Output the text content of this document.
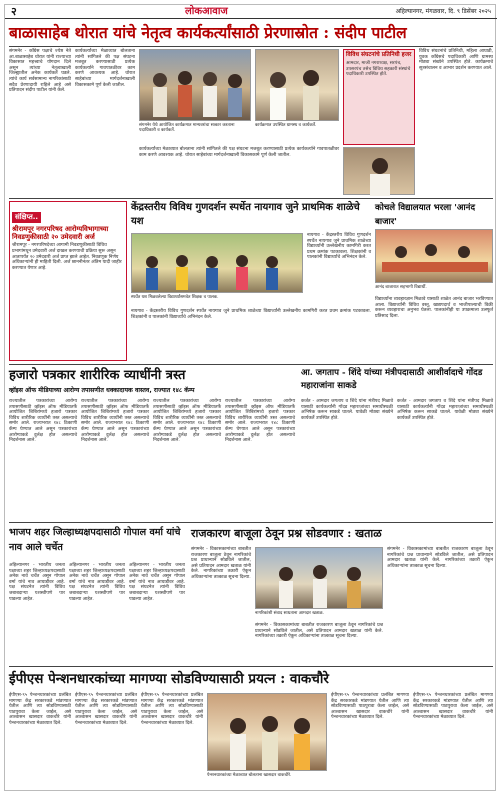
२	लोकआवाज	अहिल्यानगर, मंगळवार, दि. ९ डिसेंबर २०२५
बाळासाहेब थोरात यांचे नेतृत्व कार्यकर्त्यांसाठी प्रेरणास्रोत : संदीप पाटील
संगमनेर - काँग्रेस पक्षाचे ज्येष्ठ नेते आ.बाळासाहेब थोरात यांनी राज्याच्या विकासात महत्त्वाचे योगदान दिले असून त्यांच्या नेतृत्वाखाली जिल्ह्यातील अनेक कार्यकर्ते घडले. त्यांचे कार्य सर्वसामान्य नागरिकांसाठी सदैव प्रेरणादायी राहिले आहे असे प्रतिपादन संदीप पाटील यांनी केले.
कार्यकर्त्यांच्या मेळाव्यात बोलताना त्यांनी सांगितले की पक्ष संघटना मजबूत करण्यासाठी प्रत्येक कार्यकर्त्याने गावपातळीवर काम करणे आवश्यक आहे. थोरात साहेबांच्या मार्गदर्शनाखाली विकासकामे पूर्ण केली जातील.
संगमनेर येथे आयोजित कार्यक्रमात मान्यवरांचा सत्कार करताना पदाधिकारी व कार्यकर्ते.
कार्यक्रमात उपस्थित ग्रामस्थ व कार्यकर्ते.
विविध संघटनांचे प्रतिनिधी हजर
आमदार, माजी नगराध्यक्ष, सरपंच, उपसरपंच तसेच विविध सहकारी संस्थांचे पदाधिकारी उपस्थित होते.
विविध संघटनांचे प्रतिनिधी, महिला आघाडी, युवक काँग्रेसचे पदाधिकारी आणि ग्रामस्थ मोठ्या संख्येने उपस्थित होते. कार्यक्रमाचे सूत्रसंचालन व आभार प्रदर्शन करण्यात आले.
कार्यकर्त्यांच्या मेळाव्यात बोलताना त्यांनी सांगितले की पक्ष संघटना मजबूत करण्यासाठी प्रत्येक कार्यकर्त्याने गावपातळीवर काम करणे आवश्यक आहे. थोरात साहेबांच्या मार्गदर्शनाखाली विकासकामे पूर्ण केली जातील.
संक्षिप्त..
श्रीरामपूर नगरपरिषद आरोग्यविभागाच्या निवडणुकीसाठी २० उमेदवारी अर्ज
श्रीरामपूर - नगरपरिषदेच्या आगामी निवडणुकीसाठी विविध प्रभागांमधून उमेदवारी अर्ज दाखल करण्याची प्रक्रिया सुरू असून आतापर्यंत २० उमेदवारी अर्ज प्राप्त झाले आहेत. निवडणूक निर्णय अधिकाऱ्यांनी ही माहिती दिली. अर्ज छाननीनंतर अंतिम यादी जाहीर करण्यात येणार आहे.
केंद्रस्तरीय विविध गुणदर्शन स्पर्धेत नायगाव जुने प्राथमिक शाळेचे यश
स्पर्धेत यश मिळवलेल्या विद्यार्थ्यांसमवेत शिक्षक व पालक.
नायगाव - केंद्रस्तरीय विविध गुणदर्शन स्पर्धेत नायगाव जुने प्राथमिक शाळेच्या विद्यार्थ्यांनी उल्लेखनीय कामगिरी करत प्रथम क्रमांक पटकावला. शिक्षकांनी व पालकांनी विद्यार्थ्यांचे अभिनंदन केले.
नायगाव - केंद्रस्तरीय विविध गुणदर्शन स्पर्धेत नायगाव जुने प्राथमिक शाळेच्या विद्यार्थ्यांनी उल्लेखनीय कामगिरी करत प्रथम क्रमांक पटकावला. शिक्षकांनी व पालकांनी विद्यार्थ्यांचे अभिनंदन केले.
कोचले विद्यालयात भरला 'आनंद बाजार'
आनंद बाजारात सहभागी विद्यार्थी.
विद्यार्थ्यांना व्यवहारज्ञान मिळावे यासाठी शाळेत आनंद बाजार भरविण्यात आला. विद्यार्थ्यांनी विविध वस्तू, खाद्यपदार्थ व भाजीपाल्याची विक्री करून व्यवहाराचा अनुभव घेतला. पालकांनीही या उपक्रमाला उत्स्फूर्त प्रतिसाद दिला.
हजारो पत्रकार शारीरिक व्याधींनी त्रस्त
व्हॉइस ऑफ मीडियाच्या आरोग्य तपासणीत धक्कादायक वास्तव, राज्यात १४८ कॅम्प
राज्यातील पत्रकारांच्या आरोग्य तपासणीसाठी व्हॉइस ऑफ मीडियातर्फे आयोजित शिबिरांमध्ये हजारो पत्रकार विविध शारीरिक व्याधींनी त्रस्त असल्याचे समोर आले. राज्यभरात १४८ ठिकाणी कॅम्प घेण्यात आले असून पत्रकारांच्या आरोग्याकडे दुर्लक्ष होत असल्याचे निदर्शनास आले.
राज्यातील पत्रकारांच्या आरोग्य तपासणीसाठी व्हॉइस ऑफ मीडियातर्फे आयोजित शिबिरांमध्ये हजारो पत्रकार विविध शारीरिक व्याधींनी त्रस्त असल्याचे समोर आले. राज्यभरात १४८ ठिकाणी कॅम्प घेण्यात आले असून पत्रकारांच्या आरोग्याकडे दुर्लक्ष होत असल्याचे निदर्शनास आले.
राज्यातील पत्रकारांच्या आरोग्य तपासणीसाठी व्हॉइस ऑफ मीडियातर्फे आयोजित शिबिरांमध्ये हजारो पत्रकार विविध शारीरिक व्याधींनी त्रस्त असल्याचे समोर आले. राज्यभरात १४८ ठिकाणी कॅम्प घेण्यात आले असून पत्रकारांच्या आरोग्याकडे दुर्लक्ष होत असल्याचे निदर्शनास आले.
राज्यातील पत्रकारांच्या आरोग्य तपासणीसाठी व्हॉइस ऑफ मीडियातर्फे आयोजित शिबिरांमध्ये हजारो पत्रकार विविध शारीरिक व्याधींनी त्रस्त असल्याचे समोर आले. राज्यभरात १४८ ठिकाणी कॅम्प घेण्यात आले असून पत्रकारांच्या आरोग्याकडे दुर्लक्ष होत असल्याचे निदर्शनास आले.
आ. जगताप - शिंदे यांच्या मंत्रीपदासाठी आशीर्वादाचे गोंदड महाराजांना साकडे
कर्जत - आमदार जगताप व शिंदे यांना मंत्रीपद मिळावे यासाठी कार्यकर्त्यांनी गोंदड महाराजांच्या समाधीस्थळी अभिषेक करून साकडे घातले. यावेळी मोठ्या संख्येने कार्यकर्ते उपस्थित होते.
कर्जत - आमदार जगताप व शिंदे यांना मंत्रीपद मिळावे यासाठी कार्यकर्त्यांनी गोंदड महाराजांच्या समाधीस्थळी अभिषेक करून साकडे घातले. यावेळी मोठ्या संख्येने कार्यकर्ते उपस्थित होते.
भाजप शहर जिल्हाध्यक्षपदासाठी गोपाल वर्मा यांचे नाव आले चर्चेत
अहिल्यानगर - भारतीय जनता पक्षाच्या शहर जिल्हाध्यक्षपदासाठी अनेक नावे चर्चेत असून गोपाल वर्मा यांचे नाव आघाडीवर आहे. पक्ष संघटनेत त्यांनी विविध जबाबदाऱ्या यशस्वीपणे पार पाडल्या आहेत.
अहिल्यानगर - भारतीय जनता पक्षाच्या शहर जिल्हाध्यक्षपदासाठी अनेक नावे चर्चेत असून गोपाल वर्मा यांचे नाव आघाडीवर आहे. पक्ष संघटनेत त्यांनी विविध जबाबदाऱ्या यशस्वीपणे पार पाडल्या आहेत.
अहिल्यानगर - भारतीय जनता पक्षाच्या शहर जिल्हाध्यक्षपदासाठी अनेक नावे चर्चेत असून गोपाल वर्मा यांचे नाव आघाडीवर आहे. पक्ष संघटनेत त्यांनी विविध जबाबदाऱ्या यशस्वीपणे पार पाडल्या आहेत.
राजकारण बाजूला ठेवून प्रश्न सोडवणार : खताळ
संगमनेर - विकासकामांच्या बाबतीत राजकारण बाजूला ठेवून नागरिकांचे प्रश्न प्राधान्याने सोडविले जातील, असे प्रतिपादन आमदार खताळ यांनी केले. नागरिकांच्या तक्रारी ऐकून अधिकाऱ्यांना तात्काळ सूचना दिल्या.
नागरिकांशी संवाद साधताना आमदार खताळ.
संगमनेर - विकासकामांच्या बाबतीत राजकारण बाजूला ठेवून नागरिकांचे प्रश्न प्राधान्याने सोडविले जातील, असे प्रतिपादन आमदार खताळ यांनी केले. नागरिकांच्या तक्रारी ऐकून अधिकाऱ्यांना तात्काळ सूचना दिल्या.
संगमनेर - विकासकामांच्या बाबतीत राजकारण बाजूला ठेवून नागरिकांचे प्रश्न प्राधान्याने सोडविले जातील, असे प्रतिपादन आमदार खताळ यांनी केले. नागरिकांच्या तक्रारी ऐकून अधिकाऱ्यांना तात्काळ सूचना दिल्या.
ईपीएस पेन्शनधारकांच्या मागण्या सोडविण्यासाठी प्रयत्न : वाकचौरे
ईपीएस-९५ पेन्शनधारकांच्या प्रलंबित मागण्या केंद्र सरकारकडे मांडण्यात येतील आणि त्या सोडविण्यासाठी पाठपुरावा केला जाईल, असे आश्वासन खासदार वाकचौरे यांनी पेन्शनधारकांच्या मेळाव्यात दिले.
ईपीएस-९५ पेन्शनधारकांच्या प्रलंबित मागण्या केंद्र सरकारकडे मांडण्यात येतील आणि त्या सोडविण्यासाठी पाठपुरावा केला जाईल, असे आश्वासन खासदार वाकचौरे यांनी पेन्शनधारकांच्या मेळाव्यात दिले.
ईपीएस-९५ पेन्शनधारकांच्या प्रलंबित मागण्या केंद्र सरकारकडे मांडण्यात येतील आणि त्या सोडविण्यासाठी पाठपुरावा केला जाईल, असे आश्वासन खासदार वाकचौरे यांनी पेन्शनधारकांच्या मेळाव्यात दिले.
पेन्शनधारकांच्या मेळाव्यात बोलताना खासदार वाकचौरे.
ईपीएस-९५ पेन्शनधारकांच्या प्रलंबित मागण्या केंद्र सरकारकडे मांडण्यात येतील आणि त्या सोडविण्यासाठी पाठपुरावा केला जाईल, असे आश्वासन खासदार वाकचौरे यांनी पेन्शनधारकांच्या मेळाव्यात दिले.
ईपीएस-९५ पेन्शनधारकांच्या प्रलंबित मागण्या केंद्र सरकारकडे मांडण्यात येतील आणि त्या सोडविण्यासाठी पाठपुरावा केला जाईल, असे आश्वासन खासदार वाकचौरे यांनी पेन्शनधारकांच्या मेळाव्यात दिले.
